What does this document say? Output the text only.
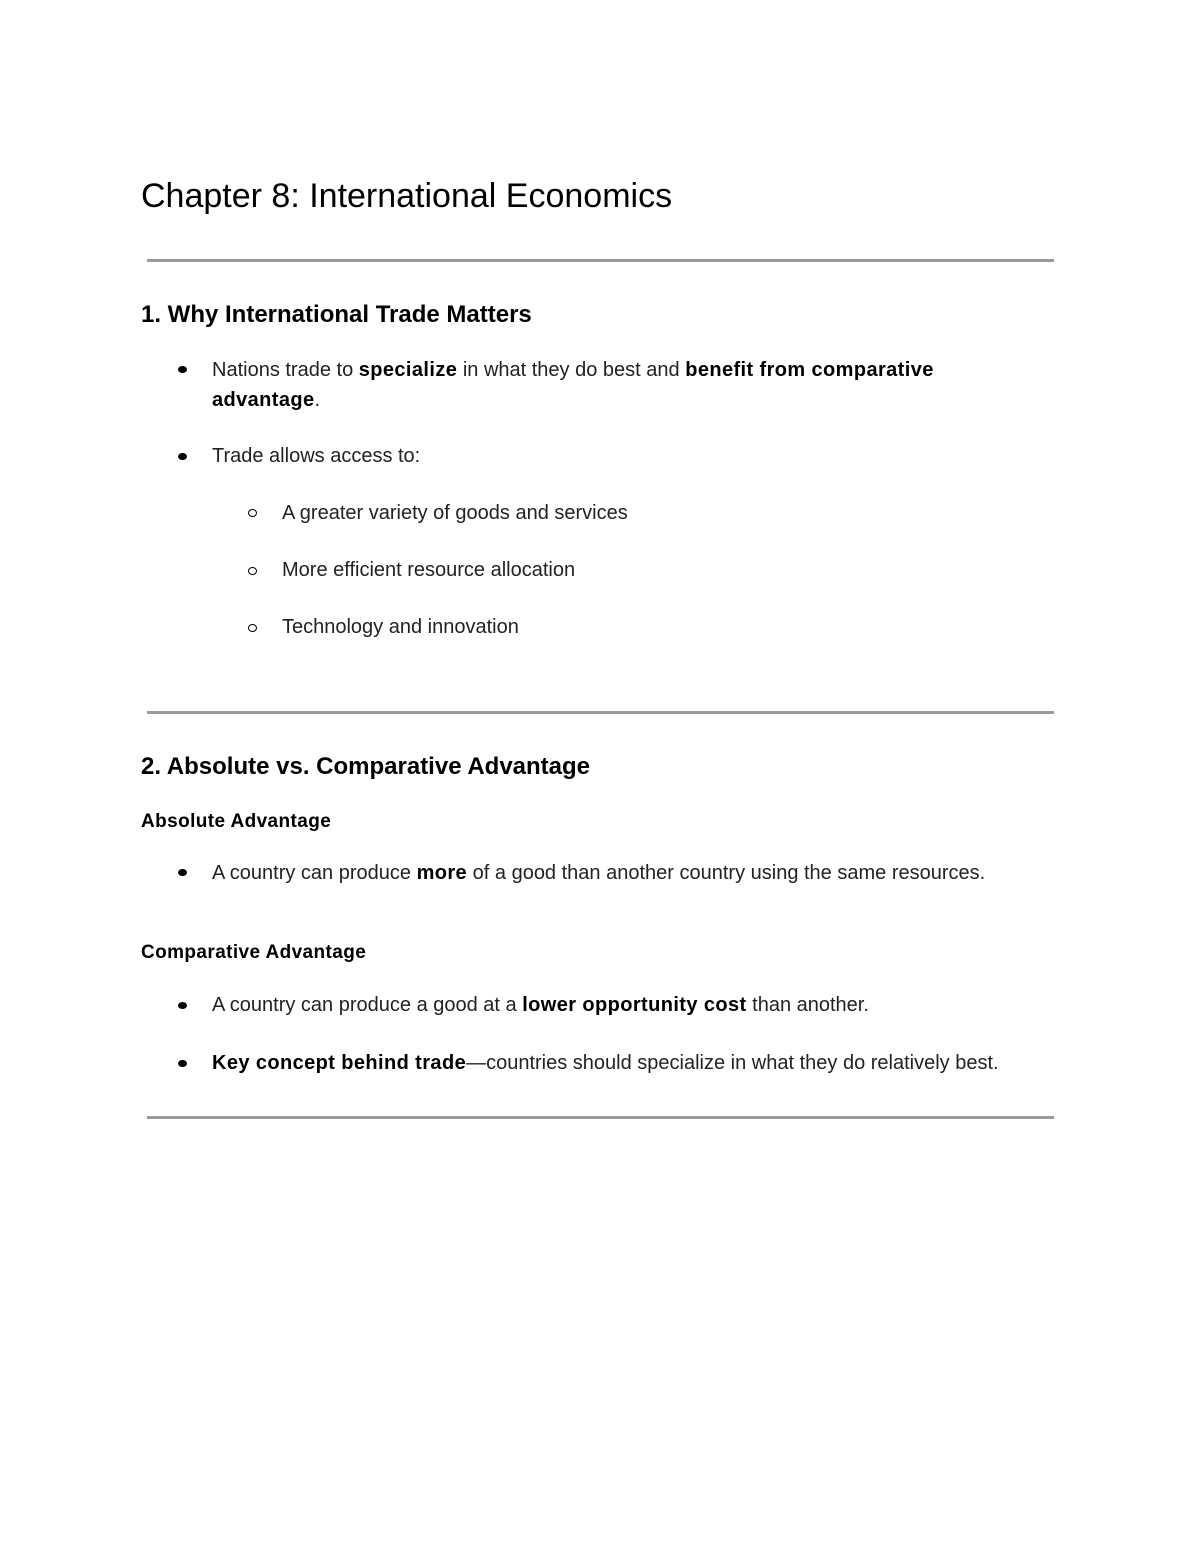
Chapter 8: International Economics
1. Why International Trade Matters

Nations trade to specialize in what they do best and benefit from comparative

advantage.

Trade allows access to:

A greater variety of goods and services

More efficient resource allocation

Technology and innovation

2. Absolute vs. Comparative Advantage
Absolute Advantage

A country can produce more of a good than another country using the same resources.

Comparative Advantage

A country can produce a good at a lower opportunity cost than another.

Key concept behind trade—countries should specialize in what they do relatively best.
